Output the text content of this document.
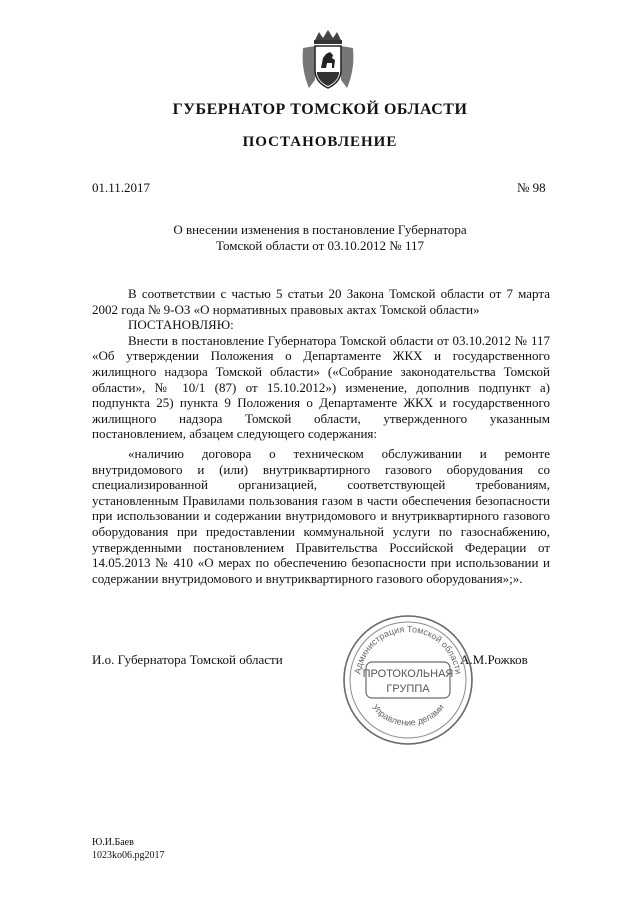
ГУБЕРНАТОР ТОМСКОЙ ОБЛАСТИ
ПОСТАНОВЛЕНИЕ
01.11.2017	№ 98
О внесении изменения в постановление Губернатора
Томской области от 03.10.2012 № 117

В соответствии с частью 5 статьи 20 Закона Томской области от 7 марта 2002 года № 9-ОЗ «О нормативных правовых актах Томской области»

ПОСТАНОВЛЯЮ:

Внести в постановление Губернатора Томской области от 03.10.2012 № 117 «Об утверждении Положения о Департаменте ЖКХ и государственного жилищного надзора Томской области» («Собрание законодательства Томской области», № 10/1 (87) от 15.10.2012») изменение, дополнив подпункт а) подпункта 25) пункта 9 Положения о Департаменте ЖКХ и государственного жилищного надзора Томской области, утвержденного указанным постановлением, абзацем следующего содержания:

«наличию договора о техническом обслуживании и ремонте внутридомового и (или) внутриквартирного газового оборудования со специализированной организацией, соответствующей требованиям, установленным Правилами пользования газом в части обеспечения безопасности при использовании и содержании внутридомового и внутриквартирного газового оборудования при предоставлении коммунальной услуги по газоснабжению, утвержденными постановлением Правительства Российской Федерации от 14.05.2013 № 410 «О мерах по обеспечению безопасности при использовании и содержании внутридомового и внутриквартирного газового оборудования»;».

И.о. Губернатора Томской области	А.М.Рожков
Администрация Томской области
Управление делами
ПРОТОКОЛЬНАЯ
ГРУППА
Ю.И.Баев
1023ko06.pg2017
